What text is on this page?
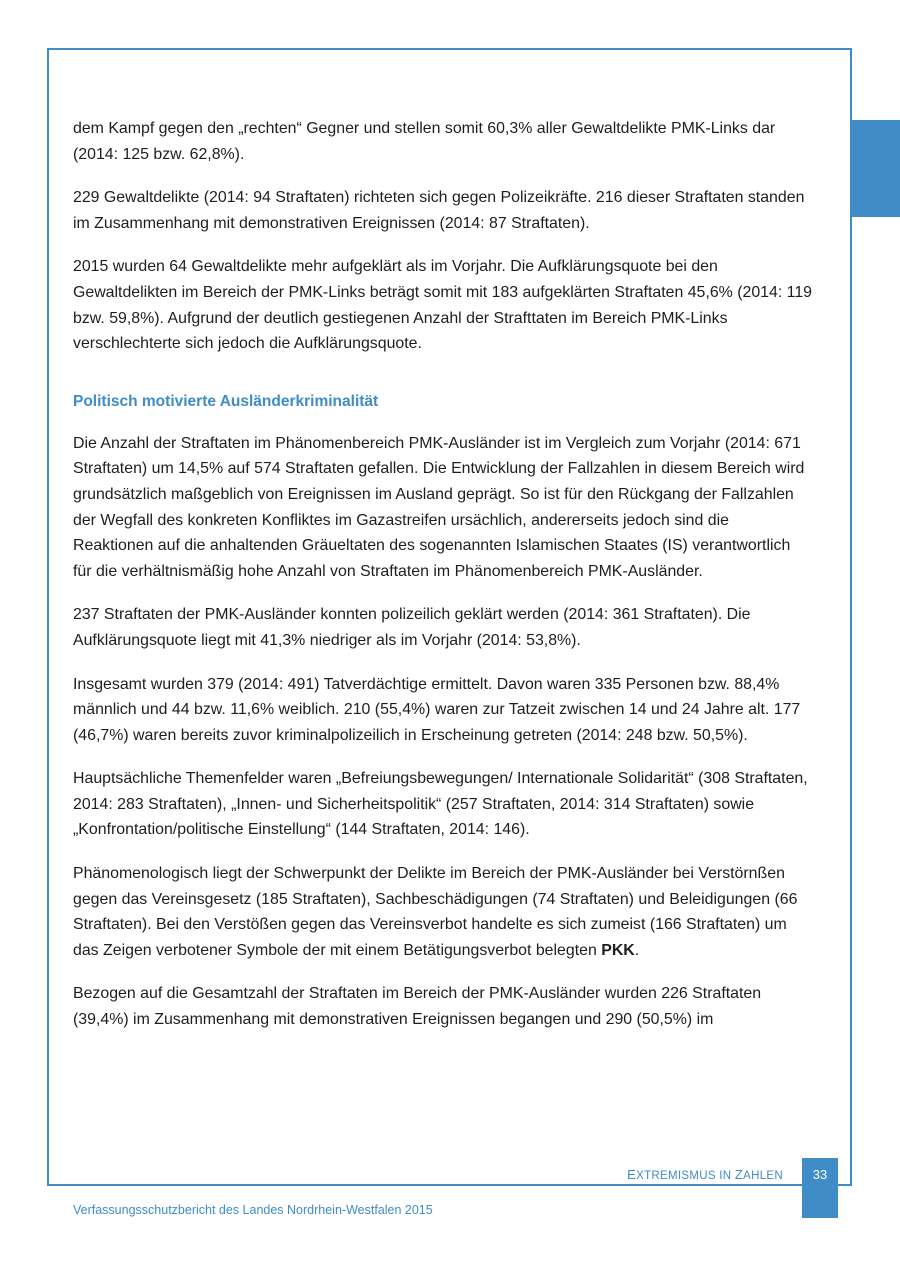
dem Kampf gegen den „rechten“ Gegner und stellen somit 60,3% aller Gewaltdelikte PMK-Links dar (2014: 125 bzw. 62,8%).

229 Gewaltdelikte (2014: 94 Straftaten) richteten sich gegen Polizeikräfte. 216 dieser Straftaten standen im Zusammenhang mit demonstrativen Ereignissen (2014: 87 Straftaten).

2015 wurden 64 Gewaltdelikte mehr aufgeklärt als im Vorjahr. Die Aufklärungsquote bei den Gewaltdelikten im Bereich der PMK-Links beträgt somit mit 183 aufgeklärten Straftaten 45,6% (2014: 119 bzw. 59,8%). Aufgrund der deutlich gestiegenen Anzahl der Strafttaten im Bereich PMK-Links verschlechterte sich jedoch die Aufklärungsquote.

Politisch motivierte Ausländerkriminalität

Die Anzahl der Straftaten im Phänomenbereich PMK-Ausländer ist im Vergleich zum Vorjahr (2014: 671 Straftaten) um 14,5% auf 574 Straftaten gefallen. Die Entwicklung der Fallzahlen in diesem Bereich wird grundsätzlich maßgeblich von Ereignissen im Ausland geprägt. So ist für den Rückgang der Fallzahlen der Wegfall des konkreten Konfliktes im Gazastreifen ursächlich, andererseits jedoch sind die Reaktionen auf die anhaltenden Gräueltaten des sogenannten Islamischen Staates (IS) verantwortlich für die verhältnismäßig hohe Anzahl von Straftaten im Phänomenbereich PMK-Ausländer.

237 Straftaten der PMK-Ausländer konnten polizeilich geklärt werden (2014: 361 Straftaten). Die Aufklärungsquote liegt mit 41,3% niedriger als im Vorjahr (2014: 53,8%).

Insgesamt wurden 379 (2014: 491) Tatverdächtige ermittelt. Davon waren 335 Personen bzw. 88,4% männlich und 44 bzw. 11,6% weiblich. 210 (55,4%) waren zur Tatzeit zwischen 14 und 24 Jahre alt. 177 (46,7%) waren bereits zuvor kriminalpolizeilich in Erscheinung getreten (2014: 248 bzw. 50,5%).

Hauptsächliche Themenfelder waren „Befreiungsbewegungen/ Internationale Solidarität“ (308 Straftaten, 2014: 283 Straftaten), „Innen- und Sicherheitspolitik“ (257 Straftaten, 2014: 314 Straftaten) sowie „Konfrontation/politische Einstellung“ (144 Straftaten, 2014: 146).

Phänomenologisch liegt der Schwerpunkt der Delikte im Bereich der PMK-Ausländer bei Verstörnßen gegen das Vereinsgesetz (185 Straftaten), Sachbeschädigungen (74 Straftaten) und Beleidigungen (66 Straftaten). Bei den Verstößen gegen das Vereinsverbot handelte es sich zumeist (166 Straftaten) um das Zeigen verbotener Symbole der mit einem Betätigungsverbot belegten PKK.

Bezogen auf die Gesamtzahl der Straftaten im Bereich der PMK-Ausländer wurden 226 Straftaten (39,4%) im Zusammenhang mit demonstrativen Ereignissen begangen und 290 (50,5%) im

EXTREMISMUS IN ZAHLEN	33
Verfassungsschutzbericht des Landes Nordrhein-Westfalen 2015
